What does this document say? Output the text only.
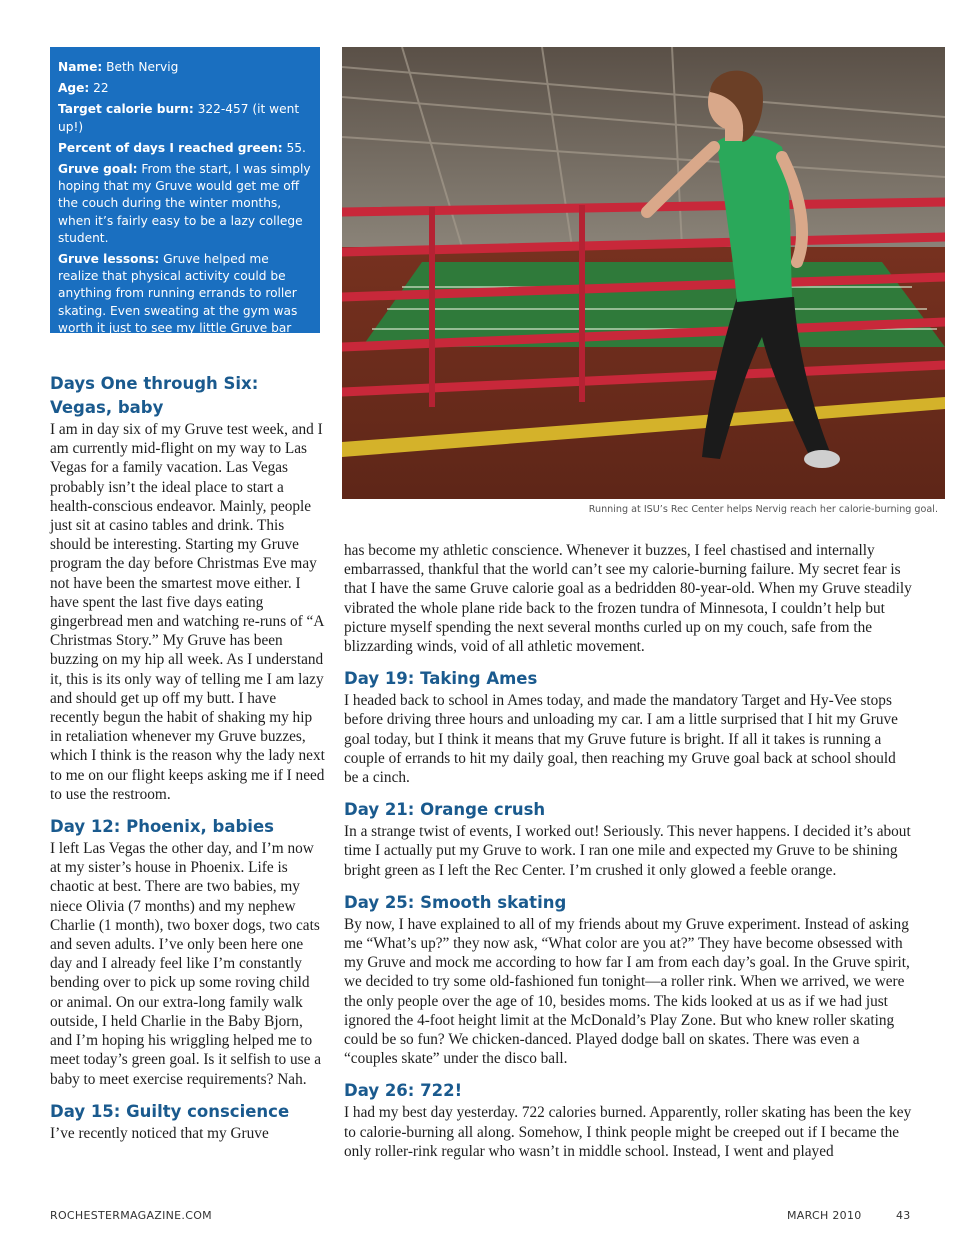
Name: Beth Nervig

Age: 22

Target calorie burn: 322-457 (it went up!)

Percent of days I reached green: 55.

Gruve goal: From the start, I was simply hoping that my Gruve would get me off the couch during the winter months, when it’s fairly easy to be a lazy college student.

Gruve lessons: Gruve helped me realize that physical activity could be anything from running errands to roller skating. Even sweating at the gym was worth it just to see my little Gruve bar graph shine green.

Running at ISU’s Rec Center helps Nervig reach her calorie-burning goal.
Days One through Six:
Vegas, baby

I am in day six of my Gruve test week, and I am currently mid-flight on my way to Las Vegas for a family vacation. Las Vegas probably isn’t the ideal place to start a health-conscious endeavor. Mainly, people just sit at casino tables and drink. This should be interesting. Starting my Gruve program the day before Christmas Eve may not have been the smartest move either. I have spent the last five days eating gingerbread men and watching re-runs of “A Christmas Story.” My Gruve has been buzzing on my hip all week. As I understand it, this is its only way of telling me I am lazy and should get up off my butt. I have recently begun the habit of shaking my hip in retaliation whenever my Gruve buzzes, which I think is the reason why the lady next to me on our flight keeps asking me if I need to use the restroom.

Day 12: Phoenix, babies

I left Las Vegas the other day, and I’m now at my sister’s house in Phoenix. Life is chaotic at best. There are two babies, my niece Olivia (7 months) and my nephew Charlie (1 month), two boxer dogs, two cats and seven adults. I’ve only been here one day and I already feel like I’m constantly bending over to pick up some roving child or animal. On our extra-long family walk outside, I held Charlie in the Baby Bjorn, and I’m hoping his wriggling helped me to meet today’s green goal. Is it selfish to use a baby to meet exercise requirements? Nah.

Day 15: Guilty conscience

I’ve recently noticed that my Gruve

has become my athletic conscience. Whenever it buzzes, I feel chastised and internally embarrassed, thankful that the world can’t see my calorie-burning failure. My secret fear is that I have the same Gruve calorie goal as a bedridden 80-year-old. When my Gruve steadily vibrated the whole plane ride back to the frozen tundra of Minnesota, I couldn’t help but picture myself spending the next several months curled up on my couch, safe from the blizzarding winds, void of all athletic movement.

Day 19: Taking Ames

I headed back to school in Ames today, and made the mandatory Target and Hy-Vee stops before driving three hours and unloading my car. I am a little surprised that I hit my Gruve goal today, but I think it means that my Gruve future is bright. If all it takes is running a couple of errands to hit my daily goal, then reaching my Gruve goal back at school should be a cinch.

Day 21: Orange crush

In a strange twist of events, I worked out! Seriously. This never happens. I decided it’s about time I actually put my Gruve to work. I ran one mile and expected my Gruve to be shining bright green as I left the Rec Center. I’m crushed it only glowed a feeble orange.

Day 25: Smooth skating

By now, I have explained to all of my friends about my Gruve experiment. Instead of asking me “What’s up?” they now ask, “What color are you at?” They have become obsessed with my Gruve and mock me according to how far I am from each day’s goal. In the Gruve spirit, we decided to try some old-fashioned fun tonight—a roller rink. When we arrived, we were the only people over the age of 10, besides moms. The kids looked at us as if we had just ignored the 4-foot height limit at the McDonald’s Play Zone. But who knew roller skating could be so fun? We chicken-danced. Played dodge ball on skates. There was even a “couples skate” under the disco ball.

Day 26: 722!

I had my best day yesterday. 722 calories burned. Apparently, roller skating has been the key to calorie-burning all along. Somehow, I think people might be creeped out if I became the only roller-rink regular who wasn’t in middle school. Instead, I went and played

ROCHESTERMAGAZINE.COM	MARCH 2010	43
